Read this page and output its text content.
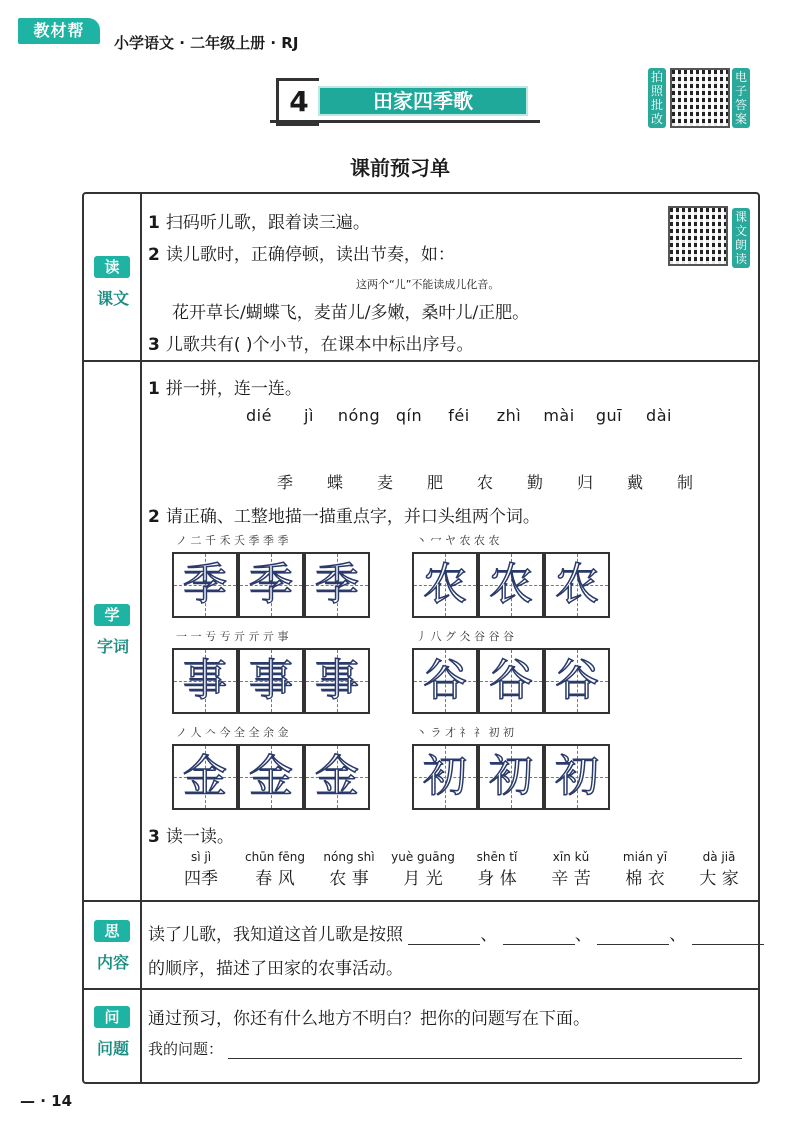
教材帮
小学语文 · 二年级上册 · RJ
4	田家四季歌
拍照批改
电子答案
课前预习单
读
课文
1 扫码听儿歌，跟着读三遍。
2 读儿歌时，正确停顿，读出节奏，如：
这两个“儿”不能读成儿化音。
花开草长/蝴蝶飞，麦苗儿/多嫩，桑叶儿/正肥。
3 儿歌共有( )个小节，在课本中标出序号。
课文朗读
学
字词
1 拼一拼，连一连。
dié jì nóng qín féi zhì mài guī dài
季 蝶 麦 肥 农 勤 归 戴 制
2 请正确、工整地描一描重点字，并口头组两个词。
ノ 二 千 禾 夭 季 季 季
季 季 季
丶 冖 ヤ 农 农 农
农 农 农
一 一 亐 亐 亓 亓 亓 事
事 事 事
丿 八 グ 仌 谷 谷 谷
谷 谷 谷
ノ 人 𠆢 今 全 全 余 金
金 金 金
丶 ラ 才 礻 礻 初 初
初 初 初
3 读一读。
sì jì
四季
chūn fēng
春 风
nóng shì
农 事
yuè guāng
月 光
shēn tǐ
身 体
xīn kǔ
辛 苦
mián yī
棉 衣
dà jiā
大 家
思
内容
读了儿歌，我知道这首儿歌是按照	、	、	、
的顺序，描述了田家的农事活动。
问
问题
通过预习，你还有什么地方不明白？把你的问题写在下面。
我的问题：
— · 14
